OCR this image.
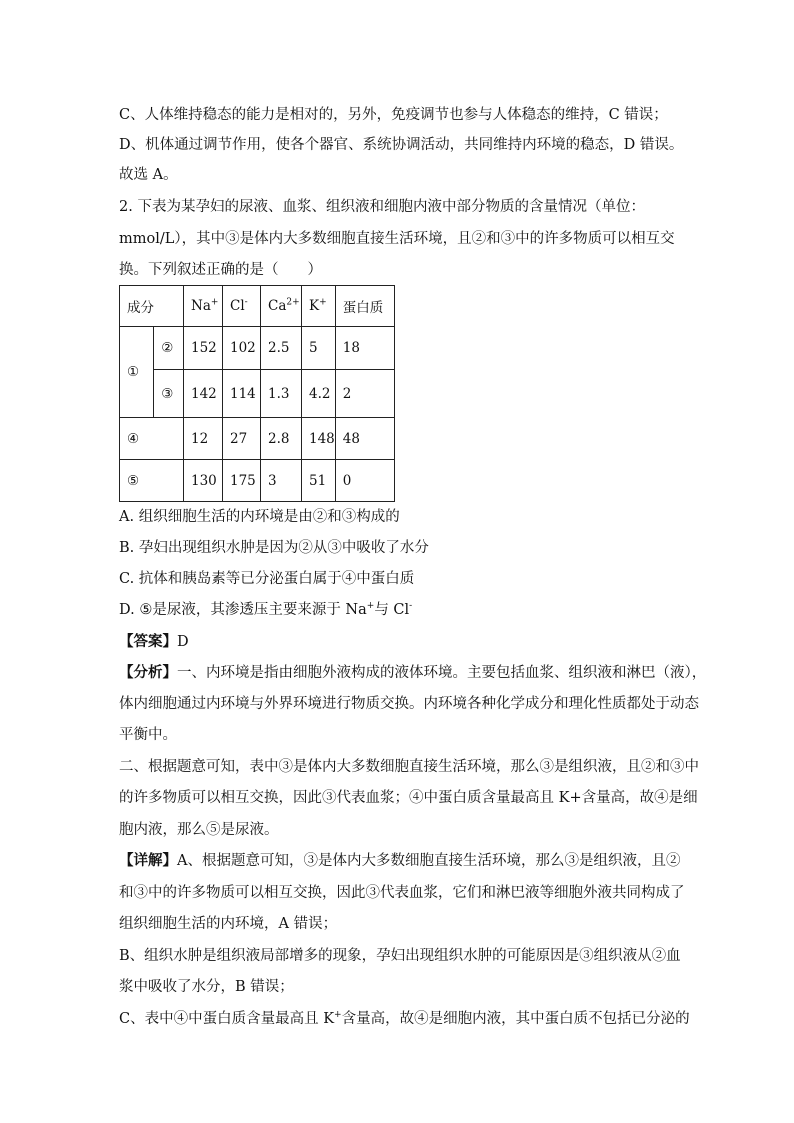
C、人体维持稳态的能力是相对的，另外，免疫调节也参与人体稳态的维持，C 错误；
D、机体通过调节作用，使各个器官、系统协调活动，共同维持内环境的稳态，D 错误。
故选 A。
2. 下表为某孕妇的尿液、血浆、组织液和细胞内液中部分物质的含量情况（单位：
mmol/L），其中③是体内大多数细胞直接生活环境，且②和③中的许多物质可以相互交
换。下列叙述正确的是（　　）
成分		Na+	Cl-	$Ca^{2+}$	K+	蛋白质
①	②	152	102	2.5	5	18
	③	142	114	1.3	4.2	2
④		12	27	2.8	148	48
⑤		130	175	3	51	0
A. 组织细胞生活的内环境是由②和③构成的
B. 孕妇出现组织水肿是因为②从③中吸收了水分
C. 抗体和胰岛素等已分泌蛋白属于④中蛋白质
D. ⑤是尿液，其渗透压主要来源于 Na+与 Cl-
【答案】D
【分析】一、内环境是指由细胞外液构成的液体环境。主要包括血浆、组织液和淋巴（液），
体内细胞通过内环境与外界环境进行物质交换。内环境各种化学成分和理化性质都处于动态
平衡中。
二、根据题意可知，表中③是体内大多数细胞直接生活环境，那么③是组织液，且②和③中
的许多物质可以相互交换，因此③代表血浆；④中蛋白质含量最高且 K+含量高，故④是细
胞内液，那么⑤是尿液。
【详解】A、根据题意可知，③是体内大多数细胞直接生活环境，那么③是组织液，且②
和③中的许多物质可以相互交换，因此③代表血浆，它们和淋巴液等细胞外液共同构成了
组织细胞生活的内环境，A 错误；
B、组织水肿是组织液局部增多的现象，孕妇出现组织水肿的可能原因是③组织液从②血
浆中吸收了水分，B 错误；
C、表中④中蛋白质含量最高且 K+含量高，故④是细胞内液，其中蛋白质不包括已分泌的
